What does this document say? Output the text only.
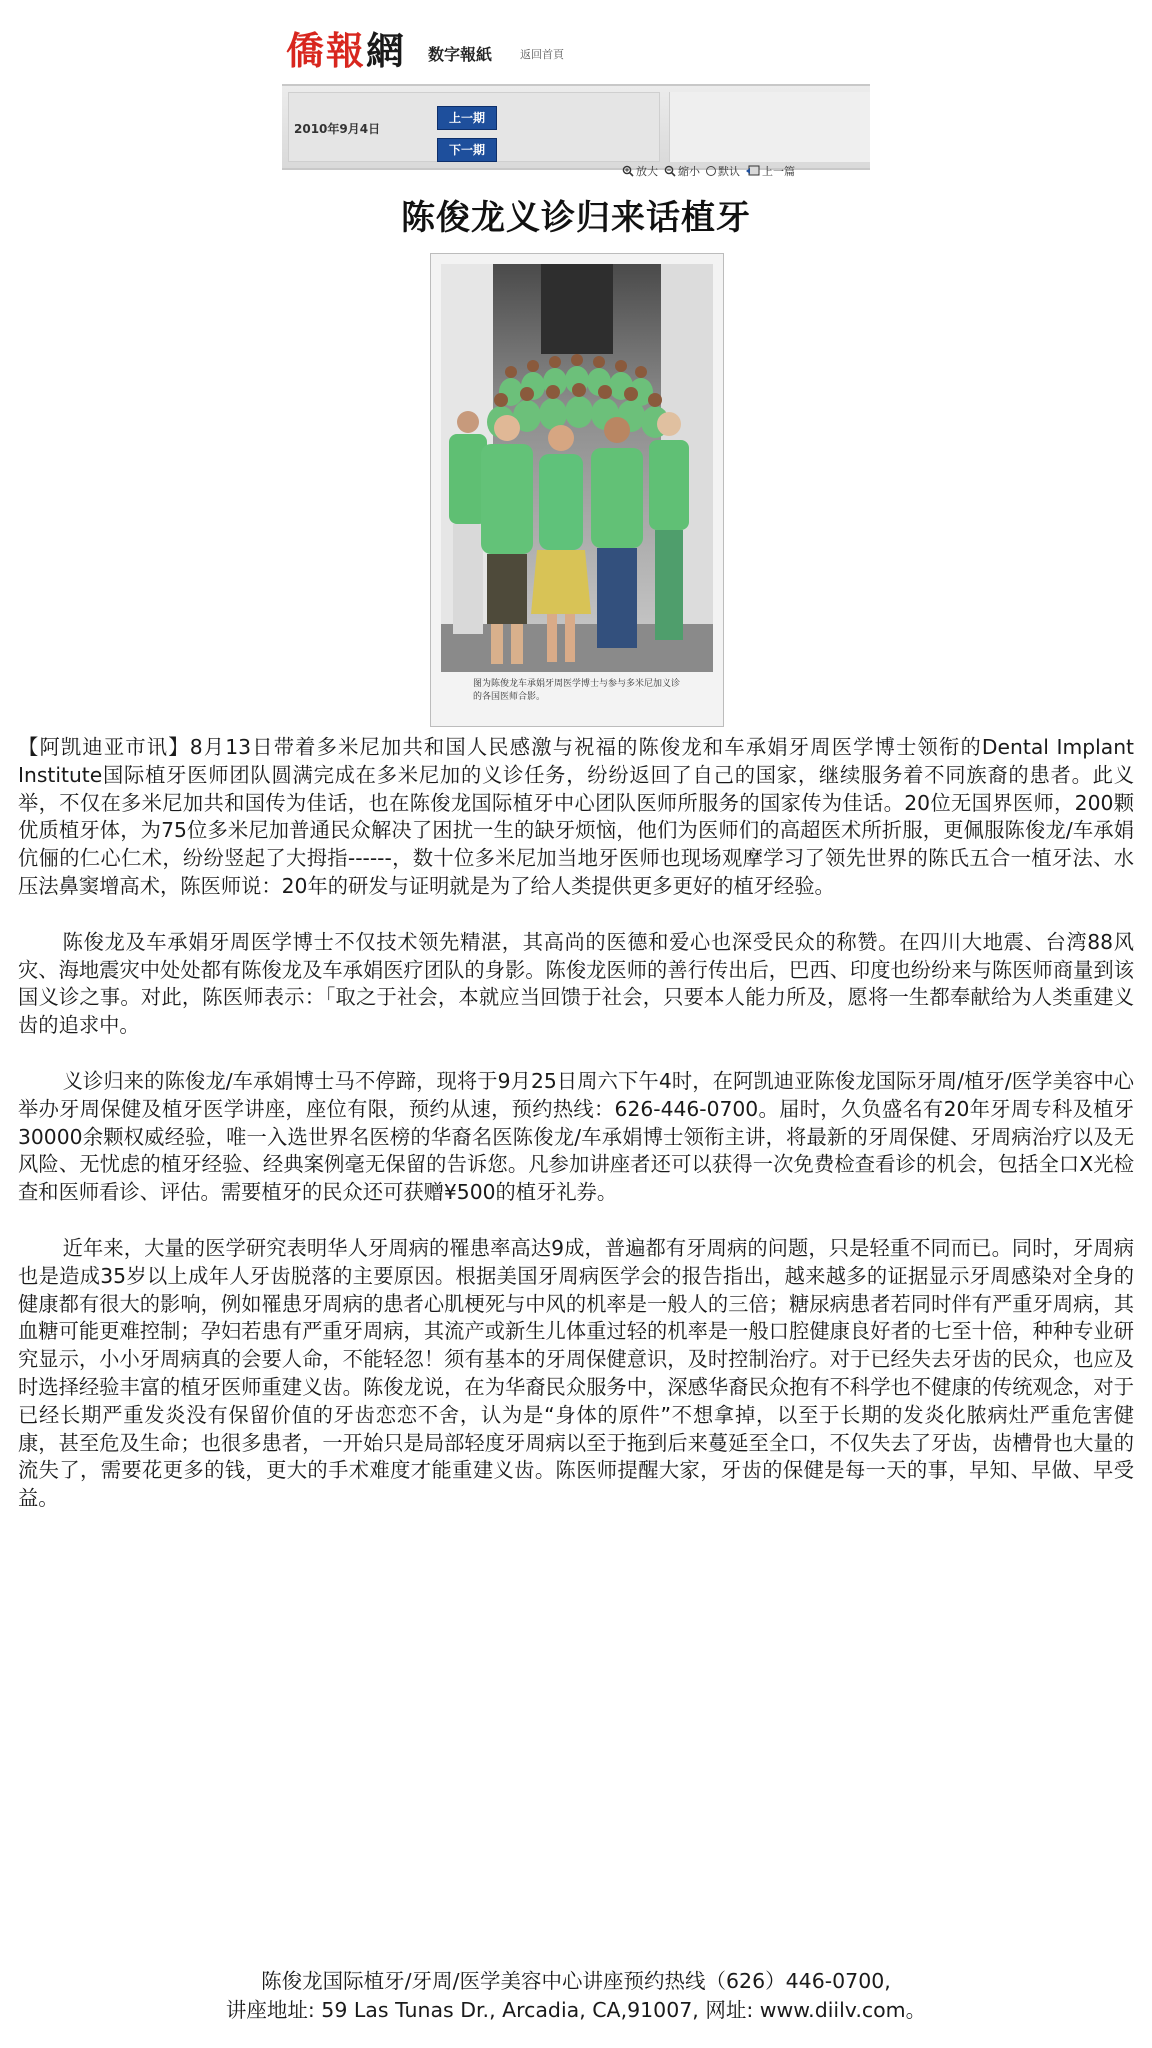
僑報網 数字報紙	返回首頁
2010年9月4日
上一期
下一期
放大 縮小 默认 上一篇
陈俊龙义诊归来话植牙
图为陈俊龙车承娟牙周医学博士与参与多米尼加义诊的各国医师合影。

【阿凯迪亚市讯】8月13日带着多米尼加共和国人民感激与祝福的陈俊龙和车承娟牙周医学博士领衔的Dental Implant Institute国际植牙医师团队圆满完成在多米尼加的义诊任务，纷纷返回了自己的国家，继续服务着不同族裔的患者。此义举，不仅在多米尼加共和国传为佳话，也在陈俊龙国际植牙中心团队医师所服务的国家传为佳话。20位无国界医师，200颗优质植牙体，为75位多米尼加普通民众解决了困扰一生的缺牙烦恼，他们为医师们的高超医术所折服，更佩服陈俊龙/车承娟伉俪的仁心仁术，纷纷竖起了大拇指------，数十位多米尼加当地牙医师也现场观摩学习了领先世界的陈氏五合一植牙法、水压法鼻窦增高术，陈医师说：20年的研发与证明就是为了给人类提供更多更好的植牙经验。

陈俊龙及车承娟牙周医学博士不仅技术领先精湛，其高尚的医德和爱心也深受民众的称赞。在四川大地震、台湾88风灾、海地震灾中处处都有陈俊龙及车承娟医疗团队的身影。陈俊龙医师的善行传出后，巴西、印度也纷纷来与陈医师商量到该国义诊之事。对此，陈医师表示：「取之于社会，本就应当回馈于社会，只要本人能力所及，愿将一生都奉献给为人类重建义齿的追求中。

义诊归来的陈俊龙/车承娟博士马不停蹄，现将于9月25日周六下午4时，在阿凯迪亚陈俊龙国际牙周/植牙/医学美容中心举办牙周保健及植牙医学讲座，座位有限，预约从速，预约热线：626-446-0700。届时，久负盛名有20年牙周专科及植牙30000余颗权威经验，唯一入选世界名医榜的华裔名医陈俊龙/车承娟博士领衔主讲，将最新的牙周保健、牙周病治疗以及无风险、无忧虑的植牙经验、经典案例毫无保留的告诉您。凡参加讲座者还可以获得一次免费检查看诊的机会，包括全口X光检查和医师看诊、评估。需要植牙的民众还可获赠¥500的植牙礼券。

近年来，大量的医学研究表明华人牙周病的罹患率高达9成，普遍都有牙周病的问题，只是轻重不同而已。同时，牙周病也是造成35岁以上成年人牙齿脱落的主要原因。根据美国牙周病医学会的报告指出，越来越多的证据显示牙周感染对全身的健康都有很大的影响，例如罹患牙周病的患者心肌梗死与中风的机率是一般人的三倍；糖尿病患者若同时伴有严重牙周病，其血糖可能更难控制；孕妇若患有严重牙周病，其流产或新生儿体重过轻的机率是一般口腔健康良好者的七至十倍，种种专业研究显示，小小牙周病真的会要人命，不能轻忽！须有基本的牙周保健意识，及时控制治疗。对于已经失去牙齿的民众，也应及时选择经验丰富的植牙医师重建义齿。陈俊龙说，在为华裔民众服务中，深感华裔民众抱有不科学也不健康的传统观念，对于已经长期严重发炎没有保留价值的牙齿恋恋不舍，认为是“身体的原件”不想拿掉，以至于长期的发炎化脓病灶严重危害健康，甚至危及生命；也很多患者，一开始只是局部轻度牙周病以至于拖到后来蔓延至全口，不仅失去了牙齿，齿槽骨也大量的流失了，需要花更多的钱，更大的手术难度才能重建义齿。陈医师提醒大家，牙齿的保健是每一天的事，早知、早做、早受益。

陈俊龙国际植牙/牙周/医学美容中心讲座预约热线（626）446-0700,
讲座地址: 59 Las Tunas Dr., Arcadia, CA,91007, 网址: www.diilv.com。
